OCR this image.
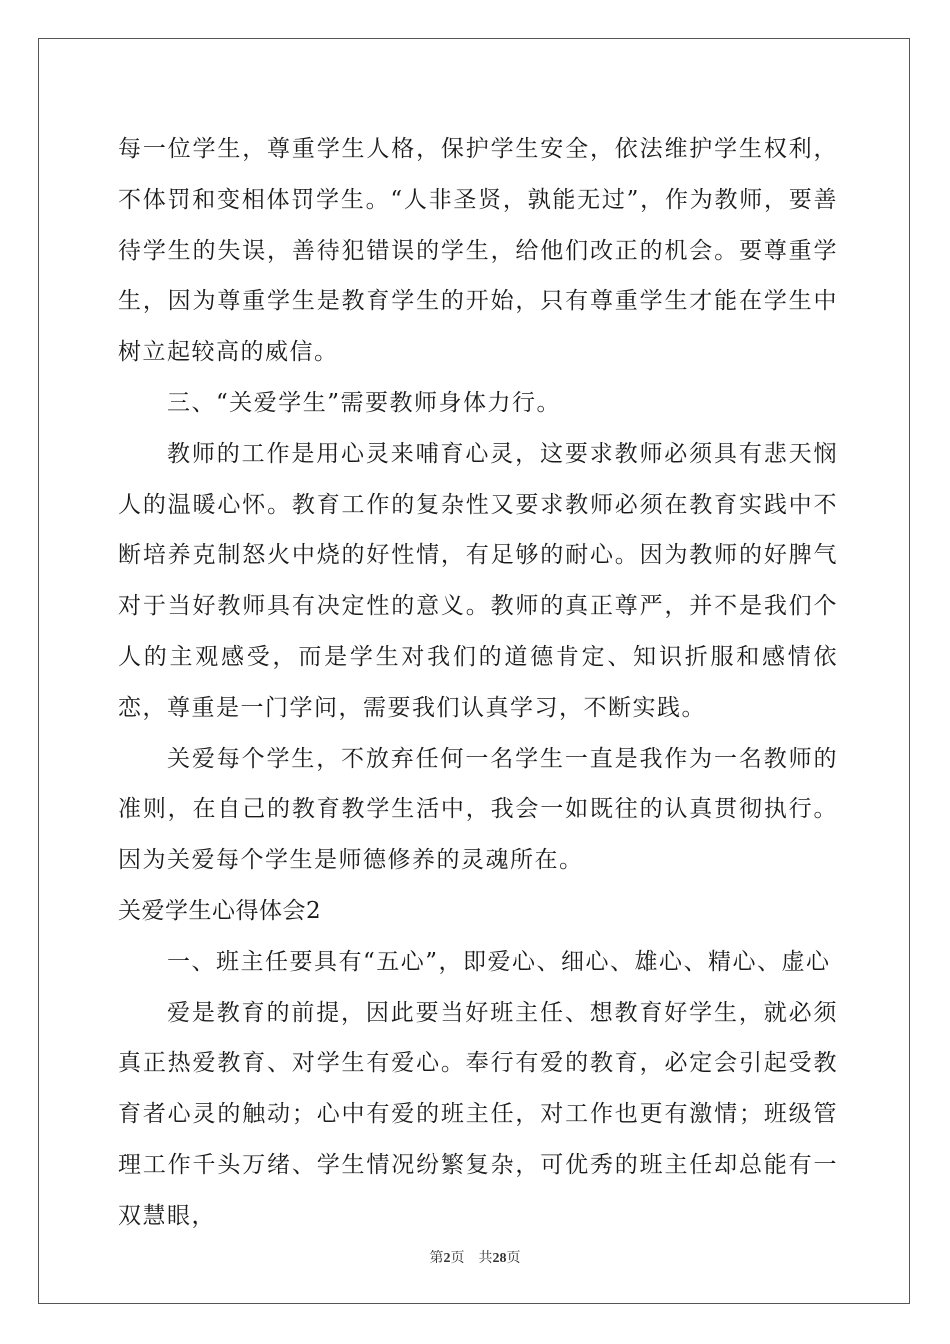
每一位学生，尊重学生人格，保护学生安全，依法维护学生权利，不体罚和变相体罚学生。“人非圣贤，孰能无过”，作为教师，要善待学生的失误，善待犯错误的学生，给他们改正的机会。要尊重学生，因为尊重学生是教育学生的开始，只有尊重学生才能在学生中树立起较高的威信。

三、“关爱学生”需要教师身体力行。

教师的工作是用心灵来哺育心灵，这要求教师必须具有悲天悯人的温暖心怀。教育工作的复杂性又要求教师必须在教育实践中不断培养克制怒火中烧的好性情，有足够的耐心。因为教师的好脾气对于当好教师具有决定性的意义。教师的真正尊严，并不是我们个人的主观感受，而是学生对我们的道德肯定、知识折服和感情依恋，尊重是一门学问，需要我们认真学习，不断实践。

关爱每个学生，不放弃任何一名学生一直是我作为一名教师的准则，在自己的教育教学生活中，我会一如既往的认真贯彻执行。因为关爱每个学生是师德修养的灵魂所在。

关爱学生心得体会2

一、班主任要具有“五心”，即爱心、细心、雄心、精心、虚心

爱是教育的前提，因此要当好班主任、想教育好学生，就必须真正热爱教育、对学生有爱心。奉行有爱的教育，必定会引起受教育者心灵的触动；心中有爱的班主任，对工作也更有激情；班级管理工作千头万绪、学生情况纷繁复杂，可优秀的班主任却总能有一双慧眼，

第2页 共28页
